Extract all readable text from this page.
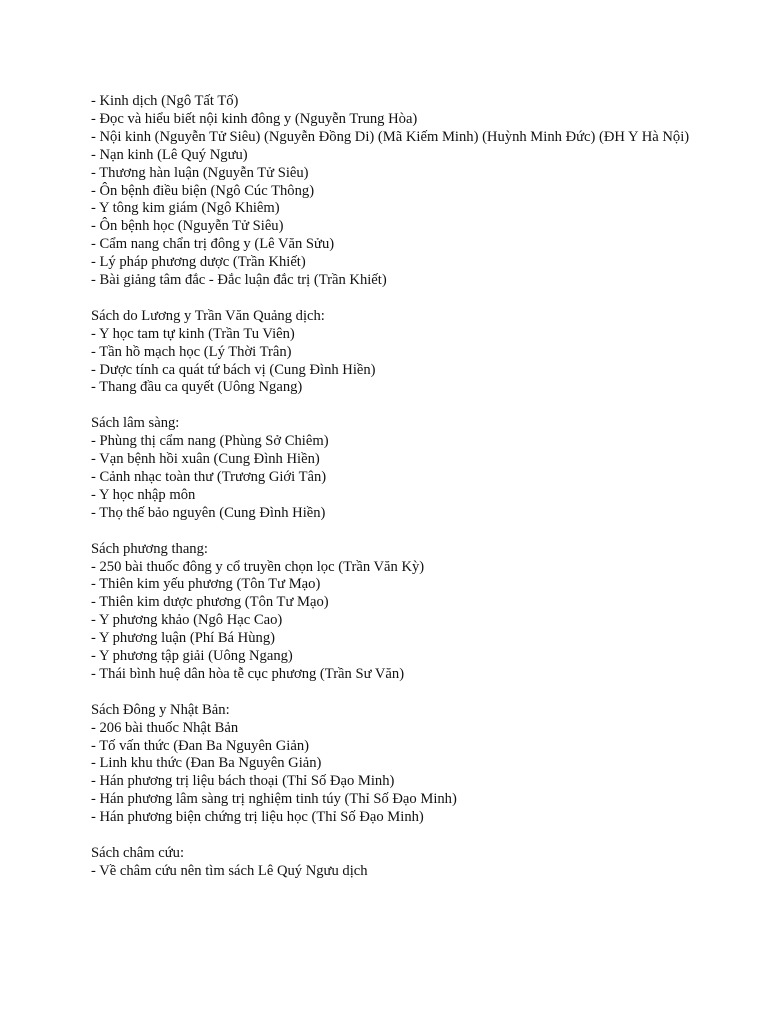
- Kinh dịch (Ngô Tất Tố)
- Đọc và hiểu biết nội kinh đông y (Nguyễn Trung Hòa)
- Nội kinh (Nguyễn Tử Siêu) (Nguyễn Đồng Di) (Mã Kiếm Minh) (Huỳnh Minh Đức) (ĐH Y Hà Nội)
- Nạn kinh (Lê Quý Ngưu)
- Thương hàn luận (Nguyễn Tử Siêu)
- Ôn bệnh điều biện (Ngô Cúc Thông)
- Y tông kim giám (Ngô Khiêm)
- Ôn bệnh học (Nguyễn Tử Siêu)
- Cẩm nang chẩn trị đông y (Lê Văn Sửu)
- Lý pháp phương dược (Trần Khiết)
- Bài giảng tâm đắc - Đắc luận đắc trị (Trần Khiết)
Sách do Lương y Trần Văn Quảng dịch:
- Y học tam tự kinh (Trần Tu Viên)
- Tần hồ mạch học (Lý Thời Trân)
- Dược tính ca quát tứ bách vị (Cung Đình Hiền)
- Thang đầu ca quyết (Uông Ngang)
Sách lâm sàng:
- Phùng thị cẩm nang (Phùng Sở Chiêm)
- Vạn bệnh hồi xuân (Cung Đình Hiền)
- Cảnh nhạc toàn thư (Trương Giới Tân)
- Y học nhập môn
- Thọ thế bảo nguyên (Cung Đình Hiền)
Sách phương thang:
- 250 bài thuốc đông y cổ truyền chọn lọc (Trần Văn Kỳ)
- Thiên kim yếu phương (Tôn Tư Mạo)
- Thiên kim dược phương (Tôn Tư Mạo)
- Y phương khảo (Ngô Hạc Cao)
- Y phương luận (Phí Bá Hùng)
- Y phương tập giải (Uông Ngang)
- Thái bình huệ dân hòa tễ cục phương (Trần Sư Văn)
Sách Đông y Nhật Bản:
- 206 bài thuốc Nhật Bản
- Tố vấn thức (Đan Ba Nguyên Giản)
- Linh khu thức (Đan Ba Nguyên Giản)
- Hán phương trị liệu bách thoại (Thỉ Số Đạo Minh)
- Hán phương lâm sàng trị nghiệm tinh túy (Thỉ Số Đạo Minh)
- Hán phương biện chứng trị liệu học (Thỉ Số Đạo Minh)
Sách châm cứu:
- Về châm cứu nên tìm sách Lê Quý Ngưu dịch
